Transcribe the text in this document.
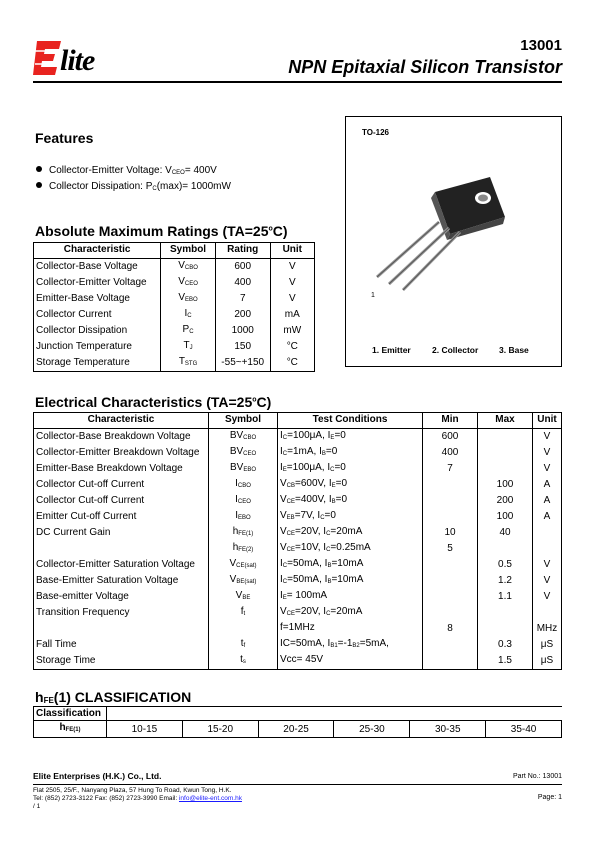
lite	13001
NPN Epitaxial Silicon Transistor
Features
Collector-Emitter Voltage: $V_{CEO}= 400V$
Collector Dissipation: $P_C(\max)= 1000mW$
TO-126
1
1. Emitter	2. Collector 3. Base
Absolute Maximum Ratings $(TA=25^oC)$
Characteristic	Symbol	Rating	Unit
Collector-Base Voltage	$V_{CBO}$	600	V
Collector-Emitter Voltage	$V_{CEO}$	400	V
Emitter-Base Voltage	$V_{EBO}$	7	V
Collector Current	$I_C$	200	mA
Collector Dissipation	$P_C$	1000	mW
Junction Temperature	$T_J$	150	°C
Storage Temperature	$T_{STG}$	-55~+150	°C
Electrical Characteristics $(TA=25^oC)$
Characteristic	Symbol	Test Conditions	Min	Max	Unit
Collector-Base Breakdown Voltage	$BV_{CBO}$	$I_C=100\mu A$, $I_E=0$	600		V
Collector-Emitter Breakdown Voltage	$BV_{CEO}$	$I_C=1mA$, $I_B=0$	400		V
Emitter-Base Breakdown Voltage	$BV_{EBO}$	$I_E=100\mu A$, $I_C=0$	7		V
Collector Cut-off Current	$I_{CBO}$	$V_{CB}=600V$, $I_E=0$		100	A
Collector Cut-off Current	$I_{CEO}$	$V_{CE}=400V$, $I_B=0$		200	A
Emitter Cut-off Current	$I_{EBO}$	$V_{EB}=7V$, $I_C=0$		100	A
DC Current Gain	$h_{FE(1)}$	$V_{CE}=20V$, $I_C=20mA$	10	40	
	$h_{FE(2)}$	$V_{CE}=10V$, $I_C=0.25mA$	5		
Collector-Emitter Saturation Voltage	$V_{CE(sat)}$	$I_C=50mA$, $I_B=10mA$		0.5	V
Base-Emitter Saturation Voltage	$V_{BE(sat)}$	$I_C=50mA$, $I_B=10mA$		1.2	V
Base-emitter Voltage	$V_{BE}$	$I_E= 100mA$		1.1	V
Transition Frequency	$f_t$	$V_{CE}=20V$, $I_C=20mA$			
		f=1MHz	8		MHz
Fall Time	$t_f$	IC=50mA, $I_{B1}=-1_{B2}=5mA$,		0.3	μS
Storage Time	$t_s$	Vcc= 45V		1.5	μS
$h_{FE}(1)$ CLASSIFICATION
Classification						
$h_{FE(1)}$	10-15	15-20	20-25	25-30	30-35	35-40
Elite Enterprises (H.K.) Co., Ltd.	Part No.: 13001
Flat 2505, 25/F., Nanyang Plaza, 57 Hung To Road, Kwun Tong, H.K.
Tel: (852) 2723-3122 Fax: (852) 2723-3990 Email: info@elite-ent.com.hk
/ 1
Page: 1
